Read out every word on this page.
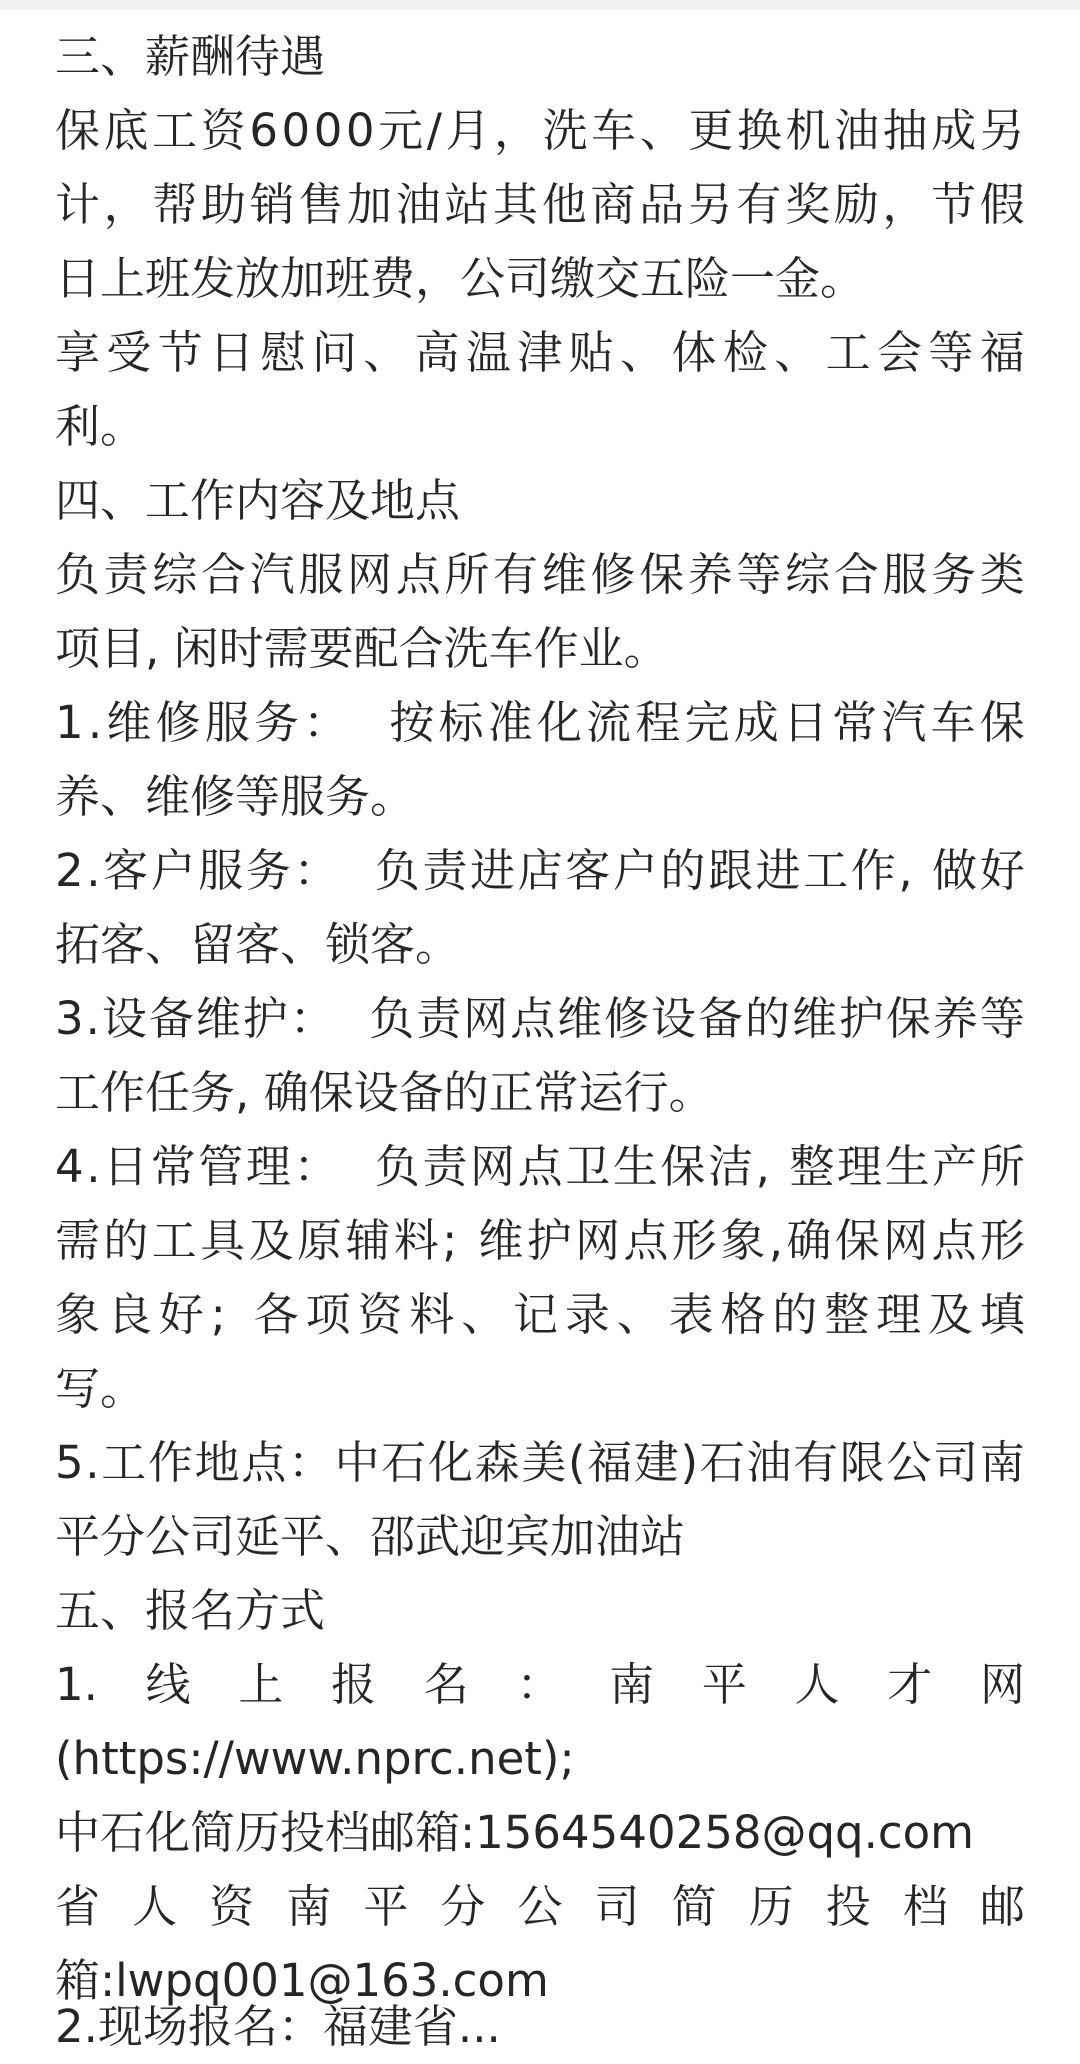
三、薪酬待遇
保 底 工 资 6 0 0 0 元 / 月 ， 洗 车 、 更 换 机 油 抽 成 另
计 ， 帮 助 销 售 加 油 站 其 他 商 品 另 有 奖 励 ， 节 假
日上班发放加班费，公司缴交五险一金。
享 受 节 日 慰 问 、 高 温 津 贴 、 体 检 、 工 会 等 福
利。
四、工作内容及地点
负 责 综 合 汽 服 网 点 所 有 维 修 保 养 等 综 合 服 务 类
项目, 闲时需要配合洗车作业。
1 . 维 修 服 务 ：

按 标 准 化 流 程 完 成 日 常 汽 车 保
养、维修等服务。
2 . 客 户 服 务 ：

负 责 进 店 客 户 的 跟 进 工 作 ,
做 好
拓客、留客、锁客。
3 . 设 备 维 护 ：

负 责 网 点 维 修 设 备 的 维 护 保 养 等
工作任务, 确保设备的正常运行。
4 . 日 常 管 理 ：

负 责 网 点 卫 生 保 洁 ,
整 理 生 产 所
需 的 工 具 及 原 辅 料 ;
维 护 网 点 形 象 , 确 保 网 点 形
象 良 好 ;
各 项 资 料 、 记 录 、 表 格 的 整 理 及 填
写。
5 . 工 作 地 点 ： 中 石 化 森 美 ( 福 建 ) 石 油 有 限 公 司 南
平分公司延平、邵武迎宾加油站
五、报名方式
1. 线 上 报 名 ： 南 平 人 才 网
(https://www.nprc.net);
中石化简历投档邮箱:1564540258@qq.com
省 人 资 南 平 分 公 司 简 历 投 档 邮
箱:lwpq001@163.com
2.现场报名：福建省...
